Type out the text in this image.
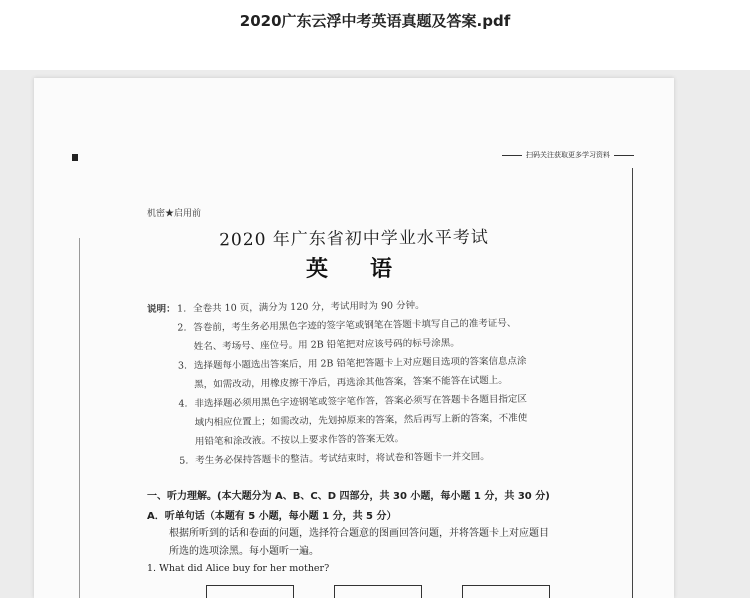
2020广东云浮中考英语真题及答案.pdf
扫码关注获取更多学习资料
机密★启用前
2020 年广东省初中学业水平考试
英　语
说明：1. 全卷共 10 页，满分为 120 分，考试用时为 90 分钟。
2. 答卷前，考生务必用黑色字迹的签字笔或钢笔在答题卡填写自己的准考证号、
姓名、考场号、座位号。用 2B 铅笔把对应该号码的标号涂黑。
3. 选择题每小题选出答案后，用 2B 铅笔把答题卡上对应题目选项的答案信息点涂
黑，如需改动，用橡皮擦干净后，再选涂其他答案，答案不能答在试题上。
4. 非选择题必须用黑色字迹钢笔或签字笔作答，答案必须写在答题卡各题目指定区
域内相应位置上；如需改动，先划掉原来的答案，然后再写上新的答案，不准使
用铅笔和涂改液。不按以上要求作答的答案无效。
5. 考生务必保持答题卡的整洁。考试结束时，将试卷和答题卡一并交回。
一、听力理解。(本大题分为 A、B、C、D 四部分，共 30 小题，每小题 1 分，共 30 分)
A．听单句话（本题有 5 小题，每小题 1 分，共 5 分）
根据所听到的话和卷面的问题，选择符合题意的图画回答问题，并将答题卡上对应题目
所选的选项涂黑。每小题听一遍。
1. What did Alice buy for her mother?
